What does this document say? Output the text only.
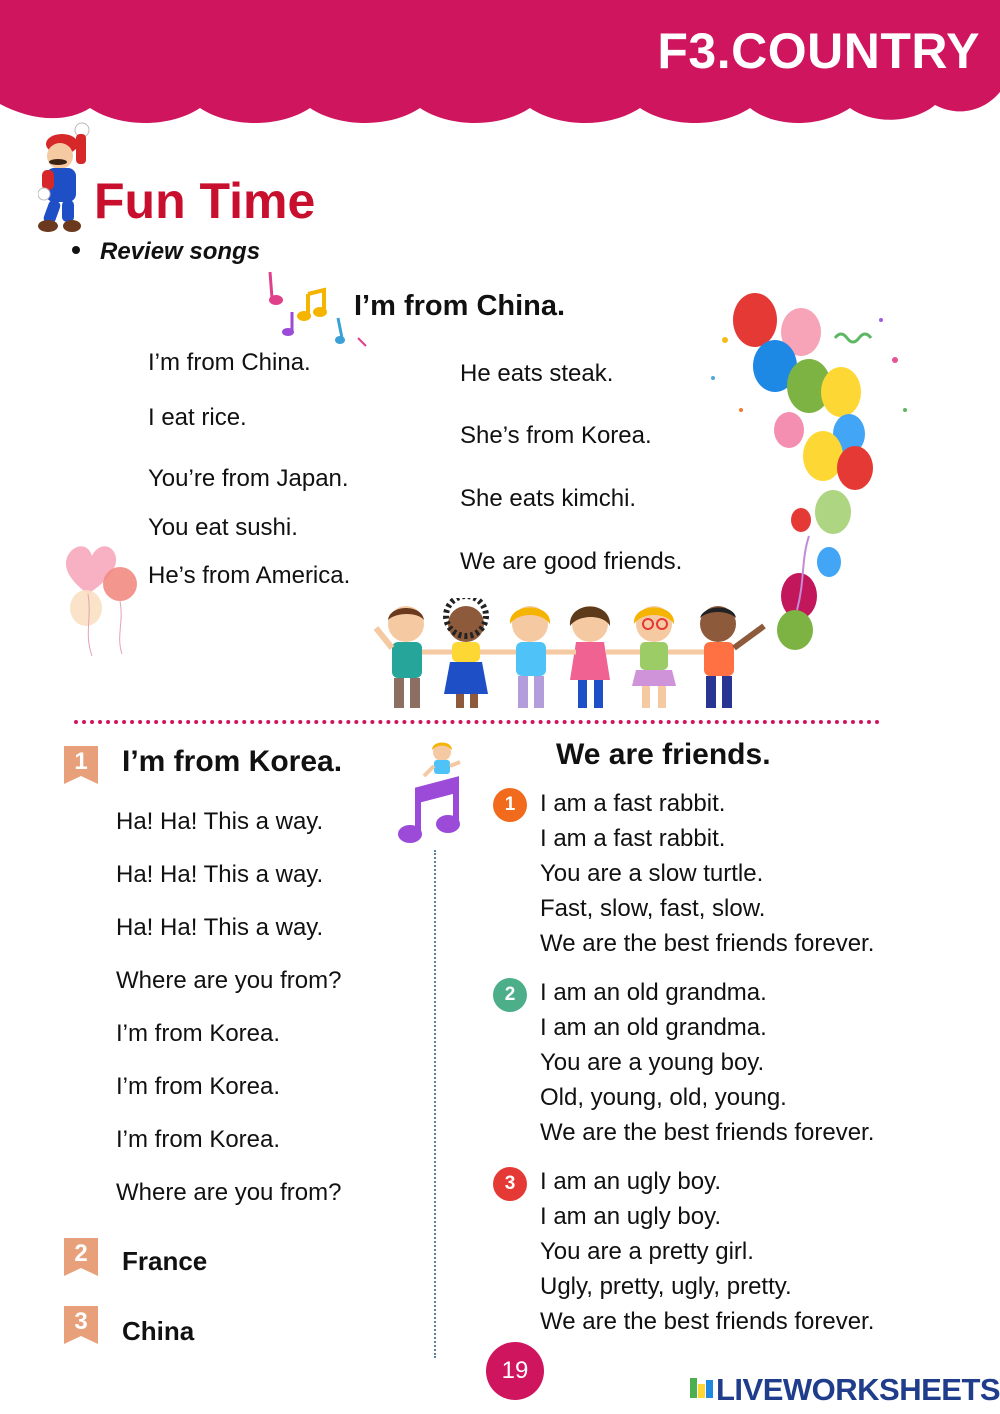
F3.COUNTRY
Fun Time
Review songs
I’m from China.
I’m from China.
I eat rice.
You’re from Japan.
You eat sushi.
He’s from America.
He eats steak.
She’s from Korea.
She eats kimchi.
We are good friends.
1	I’m from Korea.
Ha! Ha! This a way.
Ha! Ha! This a way.
Ha! Ha! This a way.
Where are you from?
I’m from Korea.
I’m from Korea.
I’m from Korea.
Where are you from?
2	France
3	China
We are friends.
1	I am a fast rabbit.
I am a fast rabbit.
You are a slow turtle.
Fast, slow, fast, slow.
We are the best friends forever.
2	I am an old grandma.
I am an old grandma.
You are a young boy.
Old, young, old, young.
We are the best friends forever.
3	I am an ugly boy.
I am an ugly boy.
You are a pretty girl.
Ugly, pretty, ugly, pretty.
We are the best friends forever.
19
LIVEWORKSHEETS
